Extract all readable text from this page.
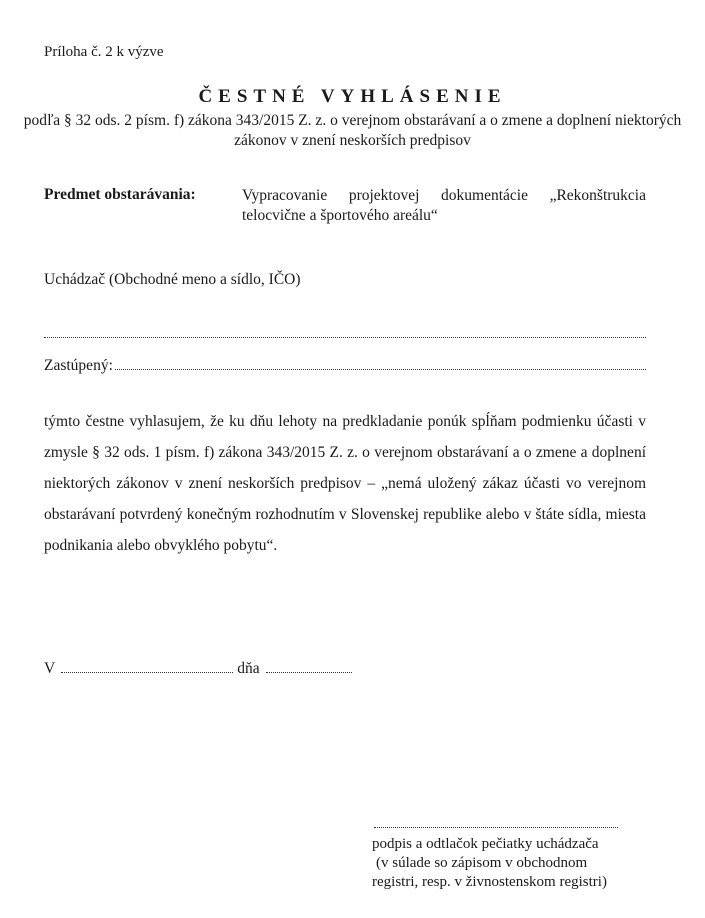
Príloha č. 2 k výzve
ČESTNÉ VYHLÁSENIE
podľa § 32 ods. 2 písm. f) zákona 343/2015 Z. z. o verejnom obstarávaní a o zmene a doplnení niektorých zákonov v znení neskorších predpisov
Predmet obstarávania:	Vypracovanie projektovej dokumentácie „Rekonštrukcia telocvične a športového areálu“
Uchádzač (Obchodné meno a sídlo, IČO)
Zastúpený:
týmto čestne vyhlasujem, že ku dňu lehoty na predkladanie ponúk spĺňam podmienku účasti v zmysle § 32 ods. 1 písm. f) zákona 343/2015 Z. z. o verejnom obstarávaní a o zmene a doplnení niektorých zákonov v znení neskorších predpisov – „nemá uložený zákaz účasti vo verejnom obstarávaní potvrdený konečným rozhodnutím v Slovenskej republike alebo v štáte sídla, miesta podnikania alebo obvyklého pobytu“.
V	dňa
podpis a odtlačok pečiatky uchádzača
(v súlade so zápisom v obchodnom
registri, resp. v živnostenskom registri)
